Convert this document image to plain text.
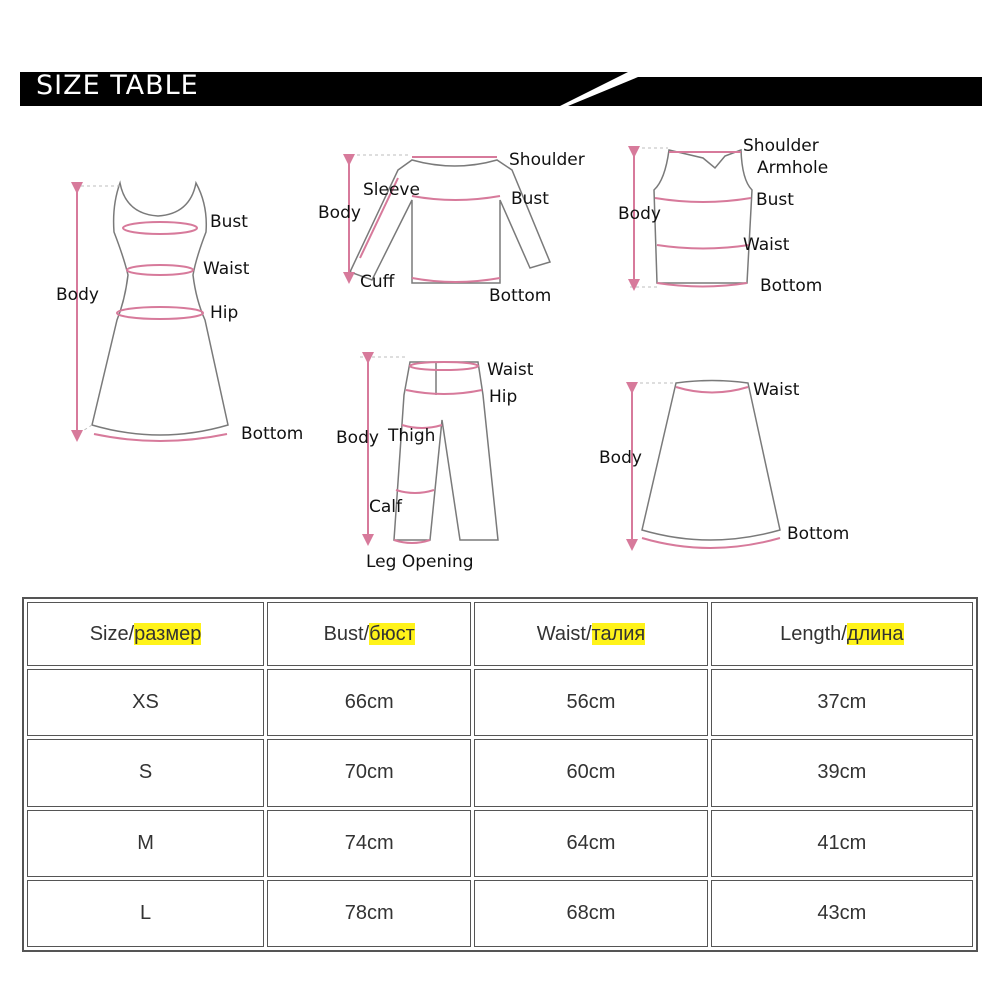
SIZE TABLE
Bust
Waist
Hip
Body
Bottom
Shoulder
Sleeve
Body
Bust
Cuff
Bottom
Shoulder
Armhole
Body
Bust
Waist
Bottom
Waist
Hip
Body Thigh
Calf
Leg Opening
Waist
Body
Bottom
Size/размер	Bust/бюст	Waist/талия	Length/длина
XS	66cm	56cm	37cm
S	70cm	60cm	39cm
M	74cm	64cm	41cm
L	78cm	68cm	43cm
